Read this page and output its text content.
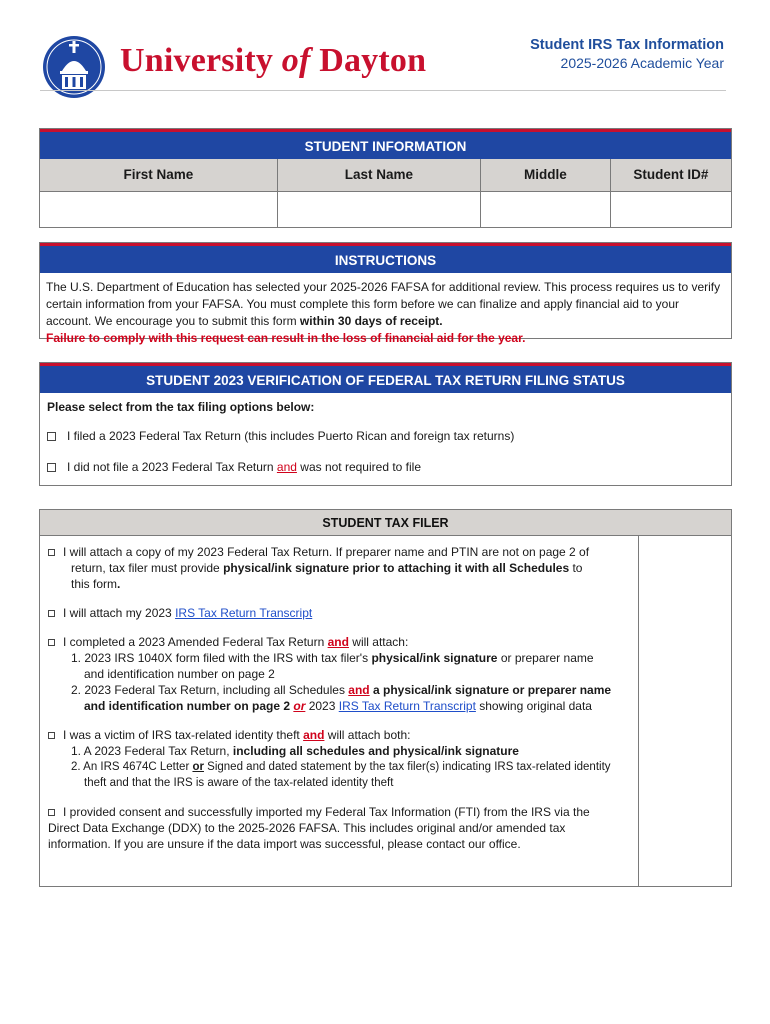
University of Dayton	Student IRS Tax Information
2025-2026 Academic Year
STUDENT INFORMATION
First Name	Last Name	Middle	Student ID#

INSTRUCTIONS
The U.S. Department of Education has selected your 2025-2026 FAFSA for additional review. This process requires us to verify certain information from your FAFSA. You must complete this form before we can finalize and apply financial aid to your account. We encourage you to submit this form within 30 days of receipt.
Failure to comply with this request can result in the loss of financial aid for the year.
STUDENT 2023 VERIFICATION OF FEDERAL TAX RETURN FILING STATUS
Please select from the tax filing options below:
I filed a 2023 Federal Tax Return (this includes Puerto Rican and foreign tax returns)
I did not file a 2023 Federal Tax Return and was not required to file
STUDENT TAX FILER
I will attach a copy of my 2023 Federal Tax Return. If preparer name and PTIN are not on page 2 of
return, tax filer must provide physical/ink signature prior to attaching it with all Schedules to
this form.
I will attach my 2023 IRS Tax Return Transcript
I completed a 2023 Amended Federal Tax Return and will attach:
1. 2023 IRS 1040X form filed with the IRS with tax filer's physical/ink signature or preparer name
and identification number on page 2
2. 2023 Federal Tax Return, including all Schedules and a physical/ink signature or preparer name
and identification number on page 2 or 2023 IRS Tax Return Transcript showing original data
I was a victim of IRS tax-related identity theft and will attach both:
1. A 2023 Federal Tax Return, including all schedules and physical/ink signature
2. An IRS 4674C Letter or Signed and dated statement by the tax filer(s) indicating IRS tax-related identity
theft and that the IRS is aware of the tax-related identity theft
I provided consent and successfully imported my Federal Tax Information (FTI) from the IRS via the
Direct Data Exchange (DDX) to the 2025-2026 FAFSA. This includes original and/or amended tax
information. If you are unsure if the data import was successful, please contact our office.
